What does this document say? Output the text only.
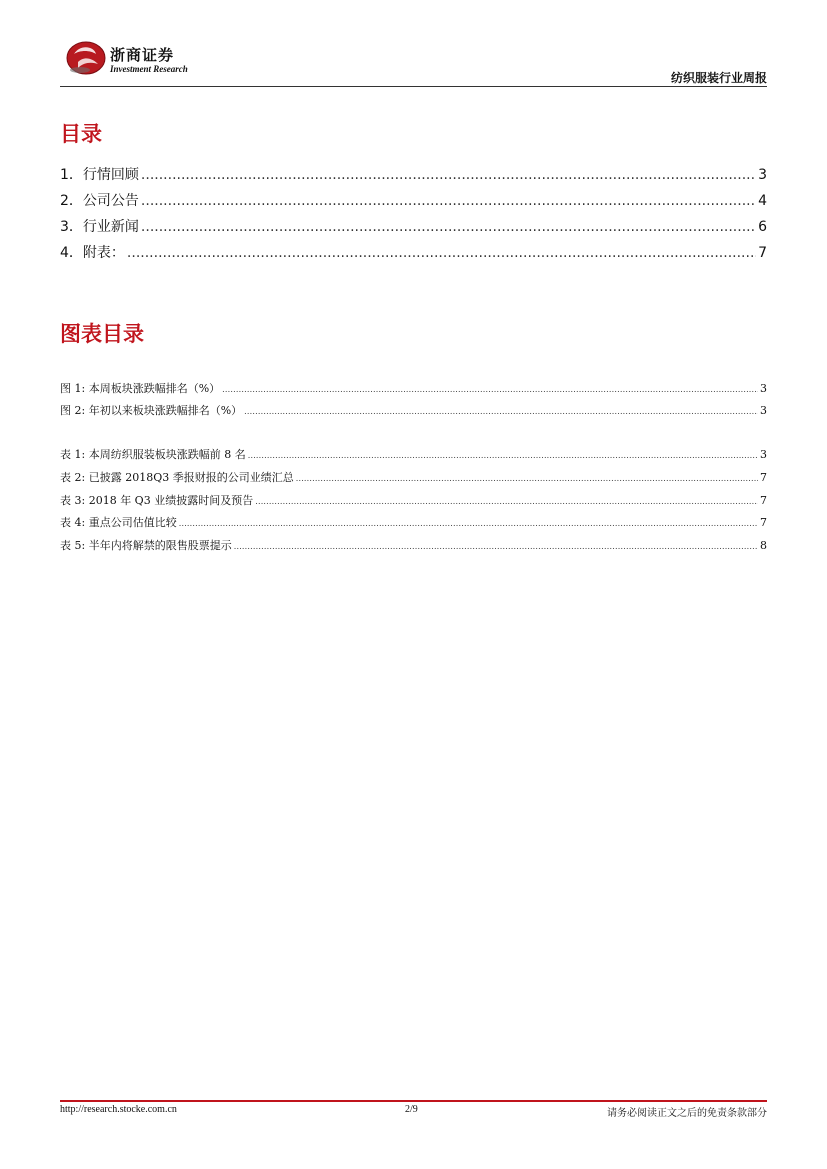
浙商证券
Investment Research
纺织服装行业周报
目录
1．行情回顾 .....	3
2．公司公告 .....	4
3．行业新闻 .....	6
4．附表： .....	7
图表目录
图 1: 本周板块涨跌幅排名（%） .....	3
图 2: 年初以来板块涨跌幅排名（%） .....	3
表 1: 本周纺织服装板块涨跌幅前 8 名 .....	3
表 2: 已披露 2018Q3 季报财报的公司业绩汇总 .....	7
表 3: 2018 年 Q3 业绩披露时间及预告 .....	7
表 4: 重点公司估值比较 .....	7
表 5: 半年内将解禁的限售股票提示 .....	8
http://research.stocke.com.cn	2/9	请务必阅读正文之后的免责条款部分
